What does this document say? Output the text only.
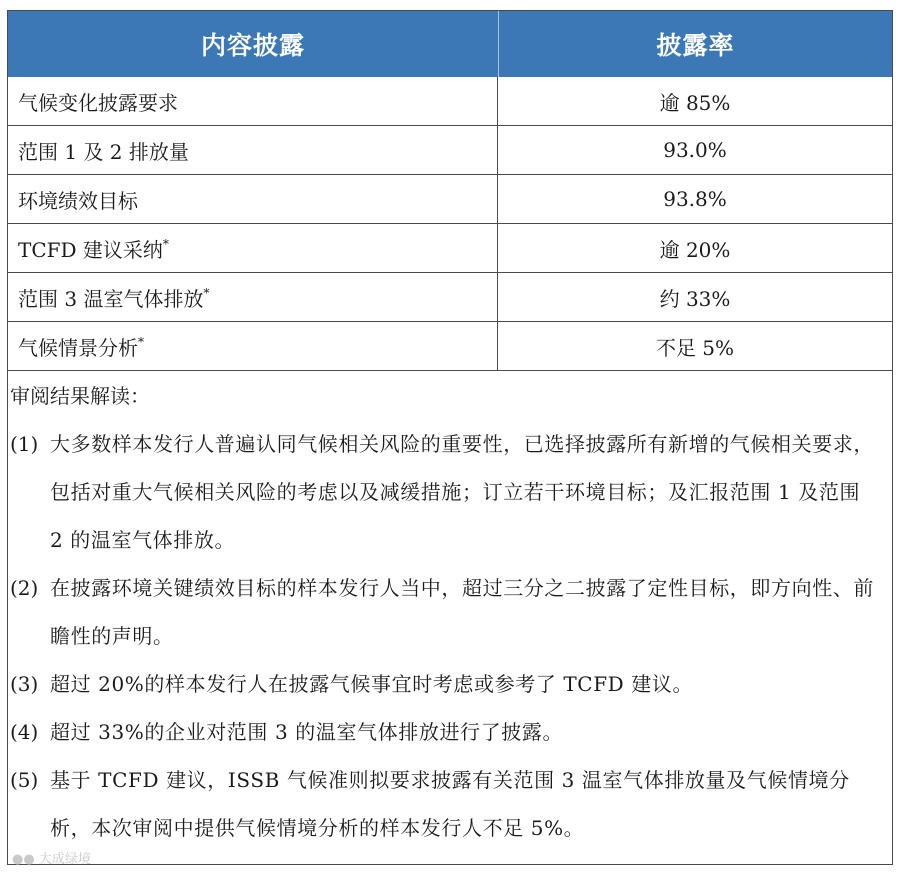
内容披露	披露率
气候变化披露要求	逾 85%
范围 1 及 2 排放量	93.0%
环境绩效目标	93.8%
TCFD 建议采纳*	逾 20%
范围 3 温室气体排放*	约 33%
气候情景分析*	不足 5%
审阅结果解读：
(1) 大多数样本发行人普遍认同气候相关风险的重要性，已选择披露所有新增的气候相关要求，包括对重大气候相关风险的考虑以及减缓措施；订立若干环境目标；及汇报范围 1 及范围 2 的温室气体排放。
(2) 在披露环境关键绩效目标的样本发行人当中，超过三分之二披露了定性目标，即方向性、前瞻性的声明。
(3) 超过 20%的样本发行人在披露气候事宜时考虑或参考了 TCFD 建议。
(4) 超过 33%的企业对范围 3 的温室气体排放进行了披露。
(5) 基于 TCFD 建议，ISSB 气候准则拟要求披露有关范围 3 温室气体排放量及气候情境分析，本次审阅中提供气候情境分析的样本发行人不足 5%。
●● 大成绿境
